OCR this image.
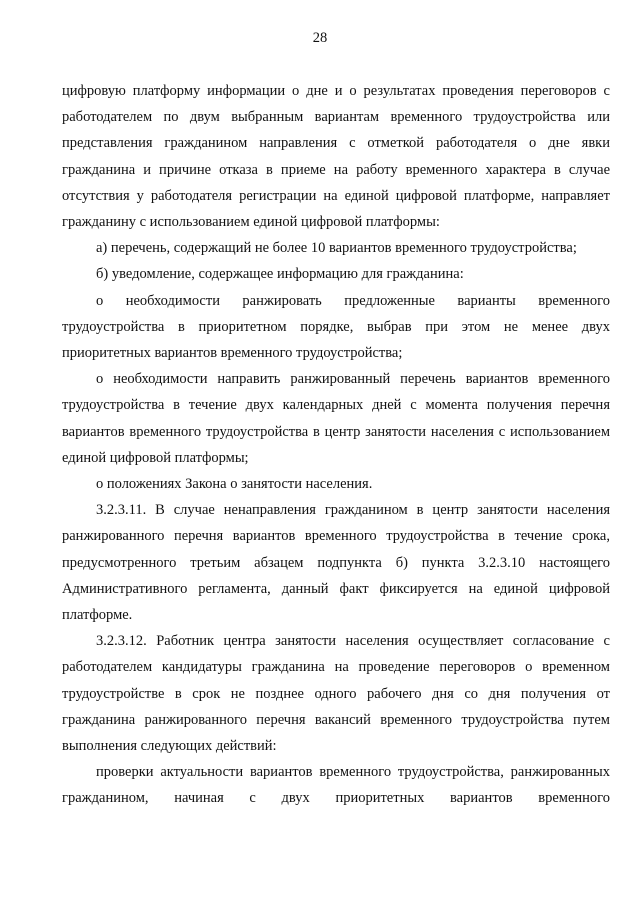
28

цифровую платформу информации о дне и о результатах проведения переговоров с работодателем по двум выбранным вариантам временного трудоустройства или представления гражданином направления с отметкой работодателя о дне явки гражданина и причине отказа в приеме на работу временного характера в случае отсутствия у работодателя регистрации на единой цифровой платформе, направляет гражданину с использованием единой цифровой платформы:

а) перечень, содержащий не более 10 вариантов временного трудоустройства;

б) уведомление, содержащее информацию для гражданина:

о необходимости ранжировать предложенные варианты временного трудоустройства в приоритетном порядке, выбрав при этом не менее двух приоритетных вариантов временного трудоустройства;

о необходимости направить ранжированный перечень вариантов временного трудоустройства в течение двух календарных дней с момента получения перечня вариантов временного трудоустройства в центр занятости населения с использованием единой цифровой платформы;

о положениях Закона о занятости населения.

3.2.3.11. В случае ненаправления гражданином в центр занятости населения ранжированного перечня вариантов временного трудоустройства в течение срока, предусмотренного третьим абзацем подпункта б) пункта 3.2.3.10 настоящего Административного регламента, данный факт фиксируется на единой цифровой платформе.

3.2.3.12. Работник центра занятости населения осуществляет согласование с работодателем кандидатуры гражданина на проведение переговоров о временном трудоустройстве в срок не позднее одного рабочего дня со дня получения от гражданина ранжированного перечня вакансий временного трудоустройства путем выполнения следующих действий:

проверки актуальности вариантов временного трудоустройства, ранжированных гражданином, начиная с двух приоритетных вариантов временного
